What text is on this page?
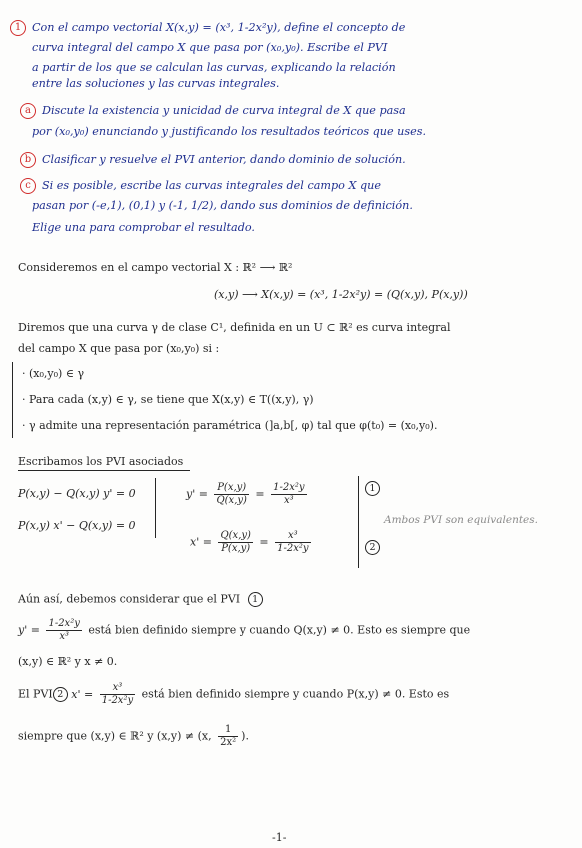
1 Con el campo vectorial X(x,y) = (x³, 1-2x²y), define el concepto de
curva integral del campo X que pasa por (x₀,y₀). Escribe el PVI
a partir de los que se calculan las curvas, explicando la relación
entre las soluciones y las curvas integrales.
a Discute la existencia y unicidad de curva integral de X que pasa
por (x₀,y₀) enunciando y justificando los resultados teóricos que uses.
b Clasificar y resuelve el PVI anterior, dando dominio de solución.
c Si es posible, escribe las curvas integrales del campo X que
pasan por (-e,1), (0,1) y (-1, 1/2), dando sus dominios de definición.
Elige una para comprobar el resultado.
Consideremos en el campo vectorial X : ℝ² ⟶ ℝ²
(x,y) ⟶ X(x,y) = (x³, 1-2x²y) = (Q(x,y), P(x,y))
Diremos que una curva γ de clase C¹, definida en un U ⊂ ℝ² es curva integral
del campo X que pasa por (x₀,y₀) si :
· (x₀,y₀) ∈ γ
· Para cada (x,y) ∈ γ, se tiene que X(x,y) ∈ T((x,y), γ)
· γ admite una representación paramétrica (]a,b[, φ) tal que φ(t₀) = (x₀,y₀).
Escribamos los PVI asociados
P(x,y) − Q(x,y) y' = 0
P(x,y) x' − Q(x,y) = 0
$y' = \frac{P(x,y)}{Q(x,y)} = \frac{\text{1-2x²y}}{\text{x³}}$
$x' = \frac{Q(x,y)}{P(x,y)} = \frac{\text{x³}}{\text{1-2x²y}}$
1
2
Ambos PVI son equivalentes.
Aún así, debemos considerar que el PVI 1
$y' = \frac{\text{1-2x²y}}{\text{x³}}$ está bien definido siempre y cuando Q(x,y) ≠ 0. Esto es siempre que
(x,y) ∈ ℝ² y x ≠ 0.
El PVI 2 $x' = \frac{\text{x³}}{\text{1-2x²y}}$ está bien definido siempre y cuando P(x,y) ≠ 0. Esto es
siempre que (x,y) ∈ ℝ² y (x,y) ≠ (x, $\frac{1}{\text{2x²}}$ ).
-1-
